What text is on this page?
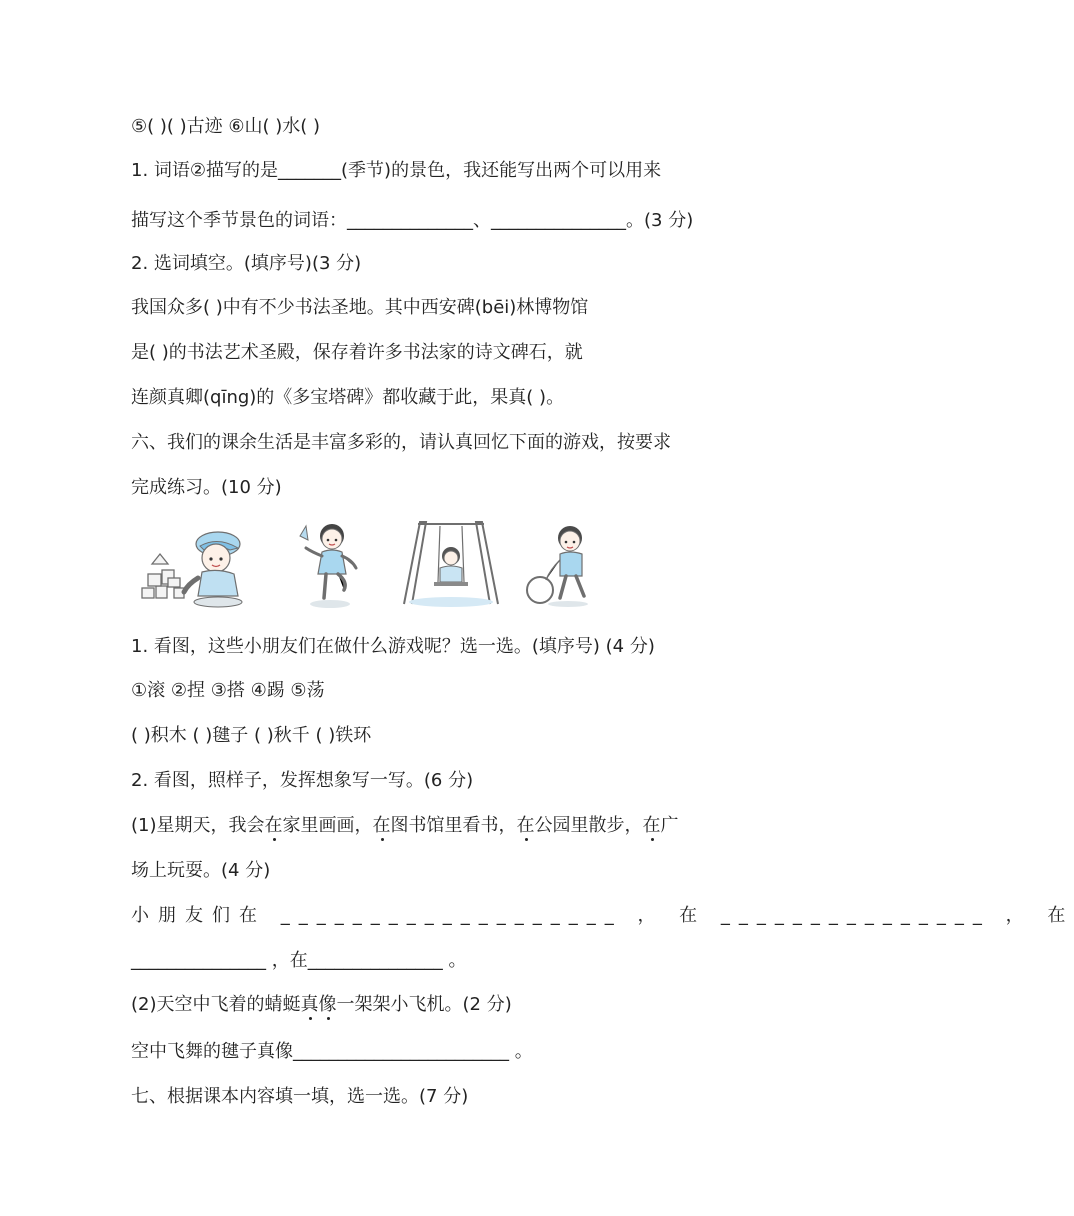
⑤( )( )古迹 ⑥山( )水( )
1. 词语②描写的是_______(季节)的景色，我还能写出两个可以用来
描写这个季节景色的词语：______________、_______________。(3 分)
2. 选词填空。(填序号)(3 分)
我国众多( )中有不少书法圣地。其中西安碑(bēi)林博物馆
是( )的书法艺术圣殿，保存着许多书法家的诗文碑石，就
连颜真卿(qīng)的《多宝塔碑》都收藏于此，果真( )。
六、我们的课余生活是丰富多彩的，请认真回忆下面的游戏，按要求
完成练习。(10 分)
1. 看图，这些小朋友们在做什么游戏呢？选一选。(填序号) (4 分)
①滚 ②捏 ③搭 ④踢 ⑤荡
( )积木 ( )毽子 ( )秋千 ( )铁环
2. 看图，照样子，发挥想象写一写。(6 分)
(1)星期天，我会在家里画画，在图书馆里看书，在公园里散步，在广
场上玩耍。(4 分)
小朋友们在 ___________________ ， 在 _______________ ， 在
_______________ ，在_______________ 。
(2)天空中飞着的蜻蜓真像一架架小飞机。(2 分)
空中飞舞的毽子真像________________________ 。
七、根据课本内容填一填，选一选。(7 分)
